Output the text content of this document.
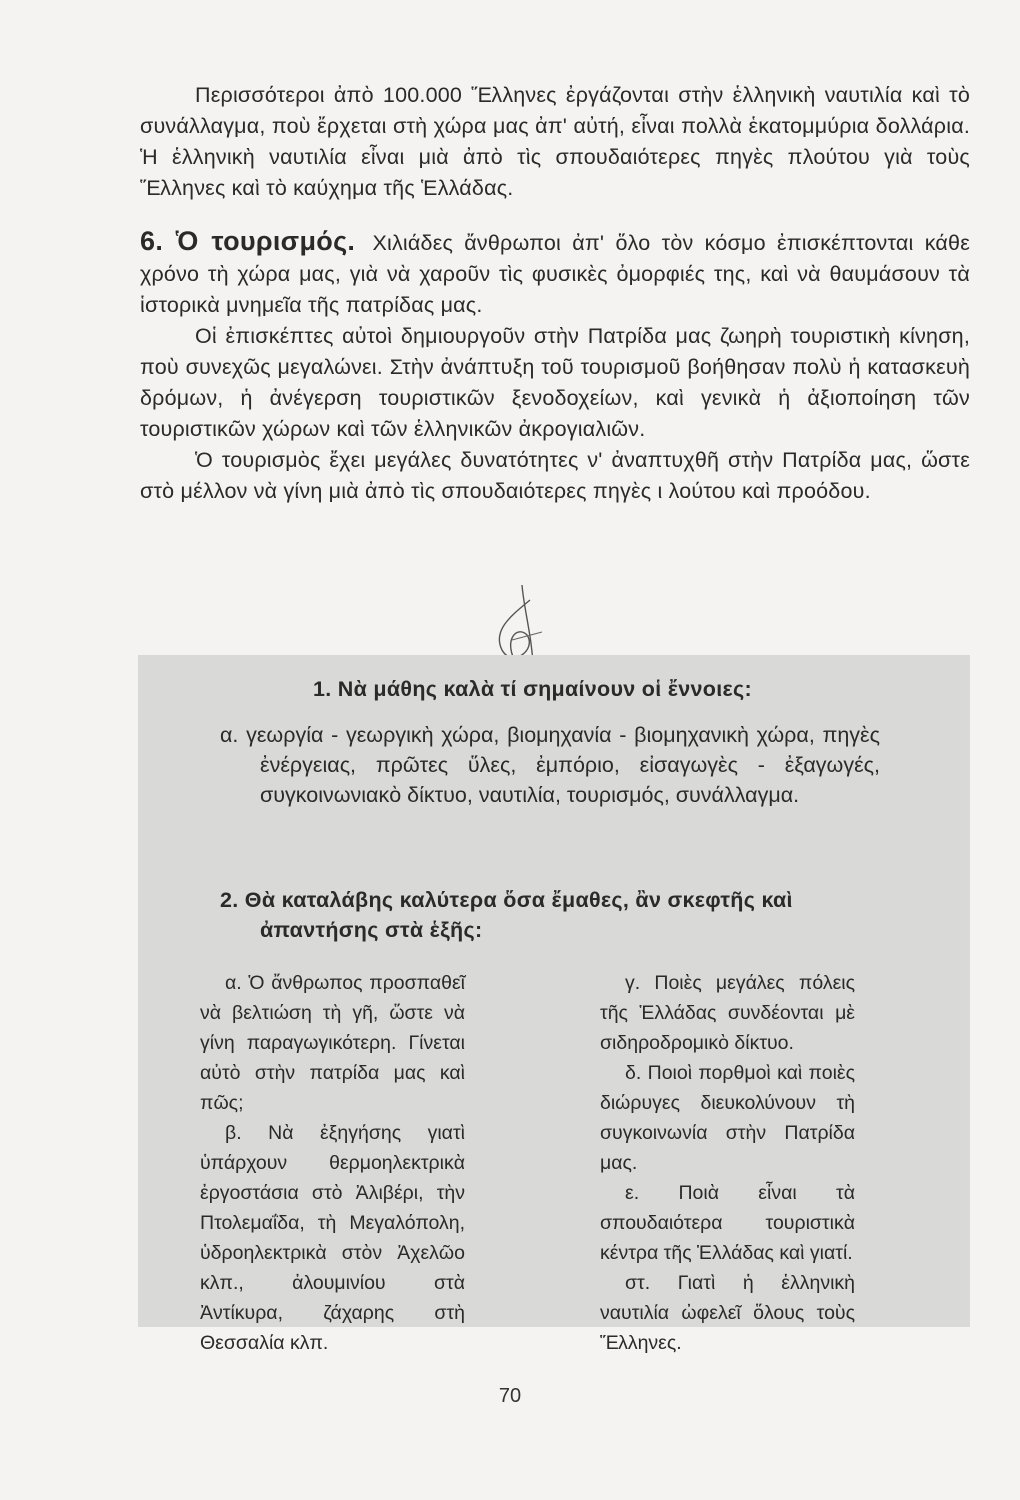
Περισσότεροι ἀπὸ 100.000 Ἕλληνες ἐργάζονται στὴν ἑλληνικὴ ναυτιλία καὶ τὸ συνάλλαγμα, ποὺ ἔρχεται στὴ χώρα μας ἀπ' αὐτή, εἶναι πολλὰ ἑκατομμύρια δολλάρια. Ἡ ἑλληνικὴ ναυτιλία εἶναι μιὰ ἀπὸ τὶς σπουδαιότερες πηγὲς πλούτου γιὰ τοὺς Ἕλληνες καὶ τὸ καύχημα τῆς Ἑλλάδας.

6. Ὁ τουρισμός. Χιλιάδες ἄνθρωποι ἀπ' ὅλο τὸν κόσμο ἐπισκέπτονται κάθε χρόνο τὴ χώρα μας, γιὰ νὰ χαροῦν τὶς φυσικὲς ὀμορφιές της, καὶ νὰ θαυμάσουν τὰ ἱστορικὰ μνημεῖα τῆς πατρίδας μας.

Οἱ ἐπισκέπτες αὐτοὶ δημιουργοῦν στὴν Πατρίδα μας ζωηρὴ τουριστικὴ κίνηση, ποὺ συνεχῶς μεγαλώνει. Στὴν ἀνάπτυξη τοῦ τουρισμοῦ βοήθησαν πολὺ ἡ κατασκευὴ δρόμων, ἡ ἀνέγερση τουριστικῶν ξενοδοχείων, καὶ γενικὰ ἡ ἀξιοποίηση τῶν τουριστικῶν χώρων καὶ τῶν ἑλληνικῶν ἀκρογιαλιῶν.

Ὁ τουρισμὸς ἔχει μεγάλες δυνατότητες ν' ἀναπτυχθῆ στὴν Πατρίδα μας, ὥστε στὸ μέλλον νὰ γίνη μιὰ ἀπὸ τὶς σπουδαιότερες πηγὲς ι λούτου καὶ προόδου.

1. Νὰ μάθης καλὰ τί σημαίνουν οἱ ἔννοιες:

α. γεωργία - γεωργικὴ χώρα, βιομηχανία - βιομηχανικὴ χώρα, πηγὲς ἐνέργειας, πρῶτες ὕλες, ἐμπόριο, εἰσαγωγὲς - ἐξαγωγές, συγκοινωνιακὸ δίκτυο, ναυτιλία, τουρισμός, συνάλλαγμα.

2. Θὰ καταλάβης καλύτερα ὅσα ἔμαθες, ἂν σκεφτῆς καὶ
ἀπαντήσης στὰ ἑξῆς:

α. Ὁ ἄνθρωπος προσπαθεῖ νὰ βελτιώση τὴ γῆ, ὥστε νὰ γίνη παραγωγικότερη. Γίνεται αὐτὸ στὴν πατρίδα μας καὶ πῶς;

β. Νὰ ἐξηγήσης γιατὶ ὑπάρχουν θερμοηλεκτρικὰ ἐργοστάσια στὸ Ἀλιβέρι, τὴν Πτολεμαΐδα, τὴ Μεγαλόπολη, ὑδροηλεκτρικὰ στὸν Ἀχελῶο κλπ., ἀλουμινίου στὰ Ἀντίκυρα, ζάχαρης στὴ Θεσσαλία κλπ.

γ. Ποιὲς μεγάλες πόλεις τῆς Ἑλλάδας συνδέονται μὲ σιδηροδρομικὸ δίκτυο.

δ. Ποιοὶ πορθμοὶ καὶ ποιὲς διώρυγες διευκολύνουν τὴ συγκοινωνία στὴν Πατρίδα μας.

ε. Ποιὰ εἶναι τὰ σπουδαιότερα τουριστικὰ κέντρα τῆς Ἑλλάδας καὶ γιατί.

στ. Γιατὶ ἡ ἑλληνικὴ ναυτιλία ὠφελεῖ ὅλους τοὺς Ἕλληνες.

70
